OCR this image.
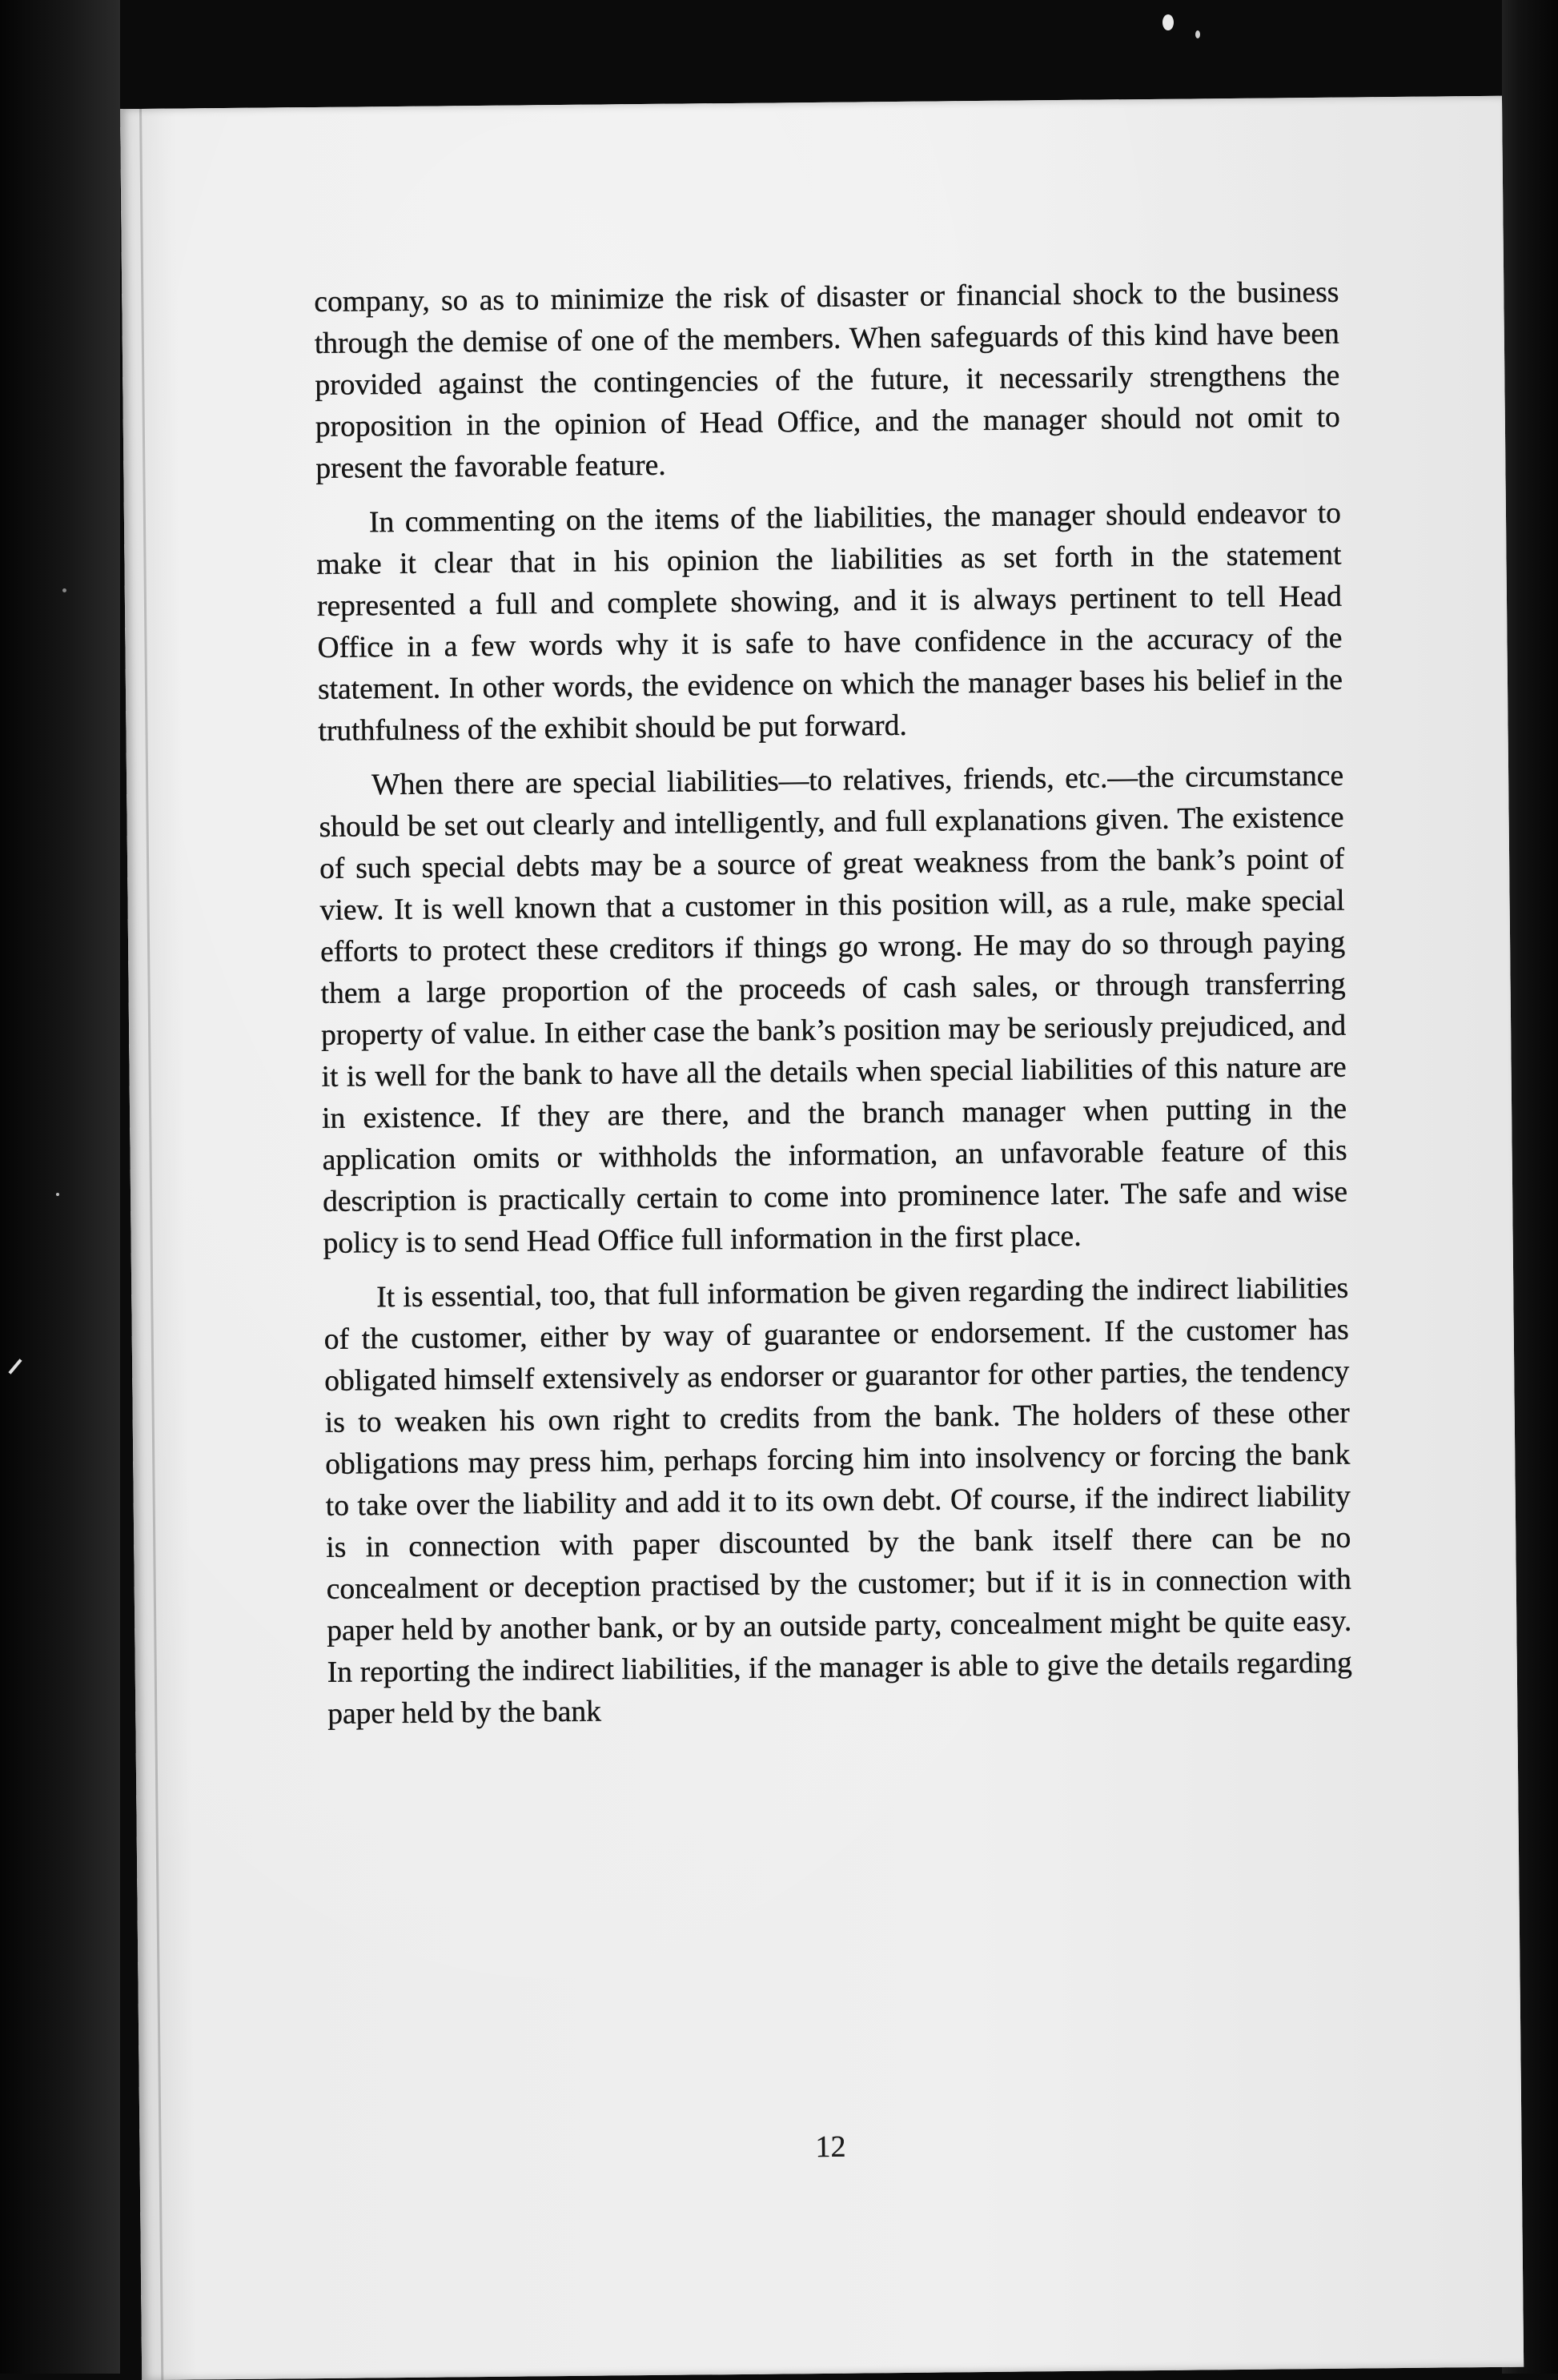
company, so as to minimize the risk of disaster or financial shock to the business through the demise of one of the members. When safeguards of this kind have been provided against the contingencies of the future, it necessarily strengthens the proposition in the opinion of Head Office, and the manager should not omit to present the favorable feature.

In commenting on the items of the liabilities, the manager should endeavor to make it clear that in his opinion the liabilities as set forth in the statement represented a full and complete showing, and it is always pertinent to tell Head Office in a few words why it is safe to have confidence in the accuracy of the statement. In other words, the evidence on which the manager bases his belief in the truthfulness of the exhibit should be put forward.

When there are special liabilities—to relatives, friends, etc.—the circumstance should be set out clearly and intelligently, and full explanations given. The existence of such special debts may be a source of great weakness from the bank’s point of view. It is well known that a customer in this position will, as a rule, make special efforts to protect these creditors if things go wrong. He may do so through paying them a large proportion of the proceeds of cash sales, or through transferring property of value. In either case the bank’s position may be seriously prejudiced, and it is well for the bank to have all the details when special liabilities of this nature are in existence. If they are there, and the branch manager when putting in the application omits or withholds the information, an unfavorable feature of this description is practically certain to come into prominence later. The safe and wise policy is to send Head Office full information in the first place.

It is essential, too, that full information be given regarding the indirect liabilities of the customer, either by way of guarantee or endorsement. If the customer has obligated himself extensively as endorser or guarantor for other parties, the tendency is to weaken his own right to credits from the bank. The holders of these other obligations may press him, perhaps forcing him into insolvency or forcing the bank to take over the liability and add it to its own debt. Of course, if the indirect liability is in connection with paper discounted by the bank itself there can be no concealment or deception practised by the customer; but if it is in connection with paper held by another bank, or by an outside party, concealment might be quite easy. In reporting the indirect liabilities, if the manager is able to give the details regarding paper held by the bank

12
